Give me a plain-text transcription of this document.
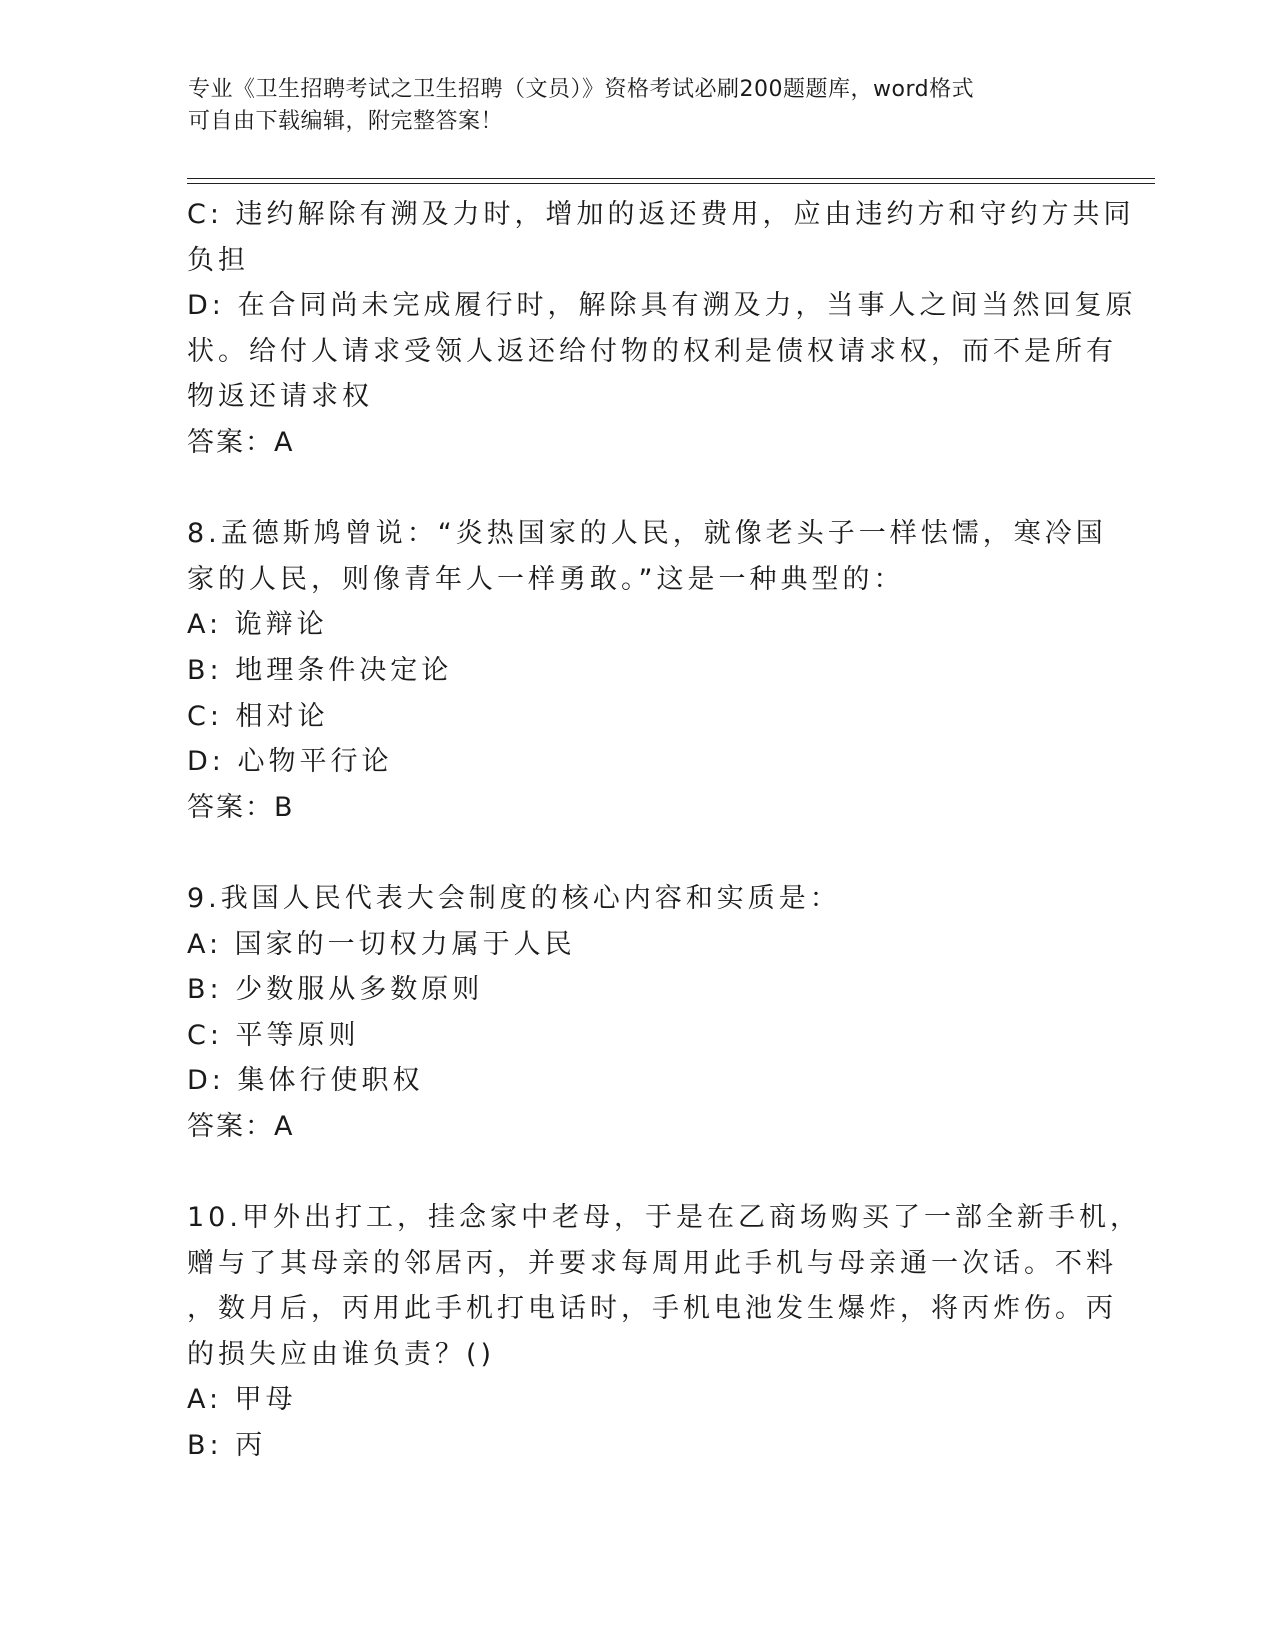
专业《卫生招聘考试之卫生招聘（文员）》资格考试必刷200题题库，word格式
可自由下载编辑，附完整答案！
C: 违约解除有溯及力时，增加的返还费用，应由违约方和守约方共同
负担
D: 在合同尚未完成履行时，解除具有溯及力，当事人之间当然回复原
状。给付人请求受领人返还给付物的权利是债权请求权，而不是所有
物返还请求权
答案：A
8.孟德斯鸠曾说：“炎热国家的人民，就像老头子一样怯懦，寒冷国
家的人民，则像青年人一样勇敢。”这是一种典型的：
A: 诡辩论
B: 地理条件决定论
C: 相对论
D: 心物平行论
答案：B
9.我国人民代表大会制度的核心内容和实质是：
A: 国家的一切权力属于人民
B: 少数服从多数原则
C: 平等原则
D: 集体行使职权
答案：A
10.甲外出打工，挂念家中老母，于是在乙商场购买了一部全新手机，
赠与了其母亲的邻居丙，并要求每周用此手机与母亲通一次话。不料
，数月后，丙用此手机打电话时，手机电池发生爆炸，将丙炸伤。丙
的损失应由谁负责？()
A: 甲母
B: 丙
